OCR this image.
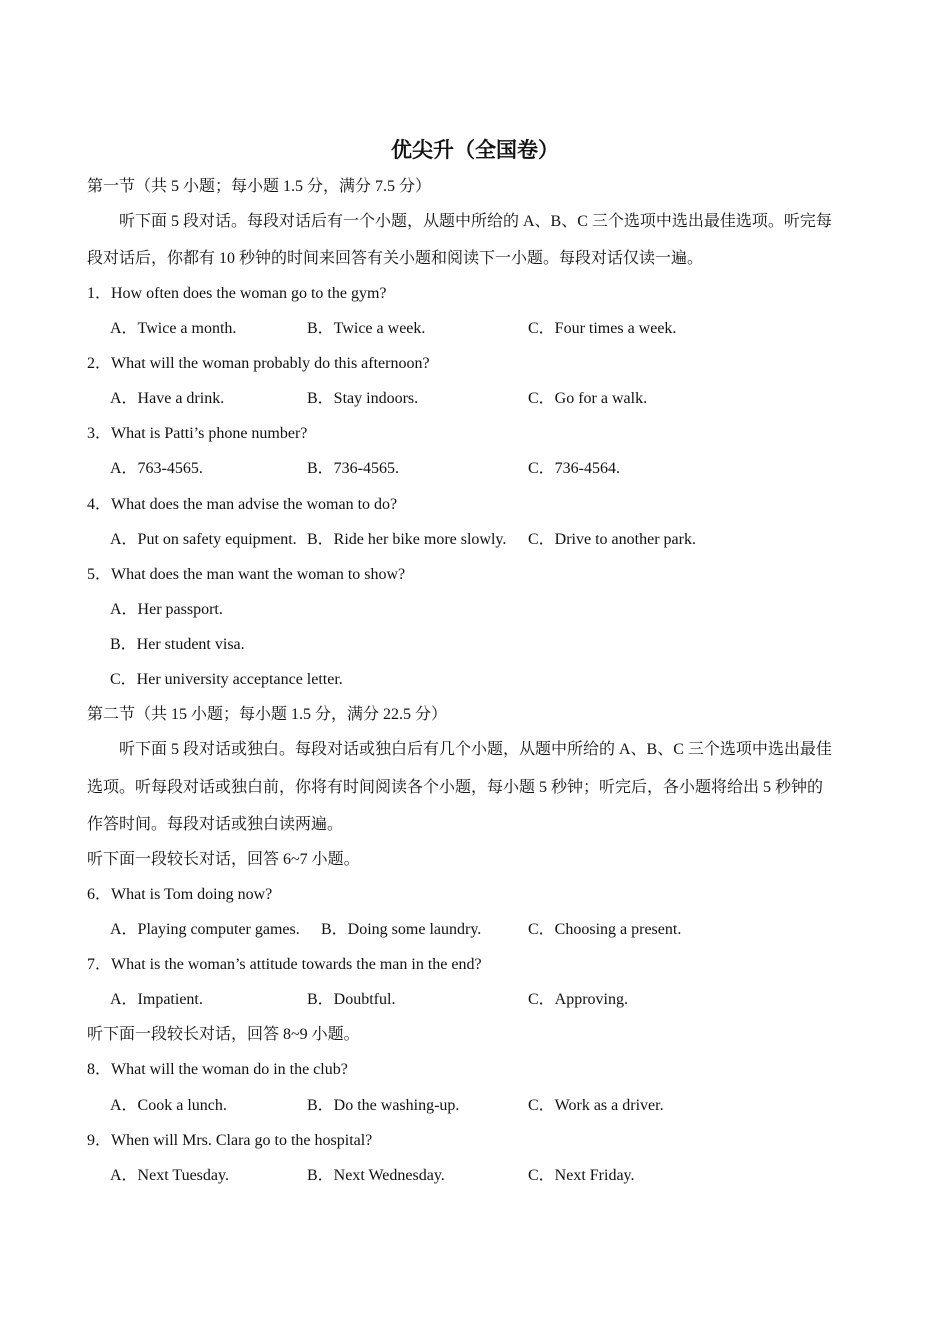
优尖升（全国卷）
第一节（共 5 小题；每小题 1.5 分，满分 7.5 分）
听下面 5 段对话。每段对话后有一个小题，从题中所给的 A、B、C 三个选项中选出最佳选项。听完每
段对话后，你都有 10 秒钟的时间来回答有关小题和阅读下一小题。每段对话仅读一遍。
1．How often does the woman go to the gym?
A．Twice a month.	B．Twice a week.	C．Four times a week.
2．What will the woman probably do this afternoon?
A．Have a drink.	B．Stay indoors.	C．Go for a walk.
3．What is Patti’s phone number?
A．763-4565.	B．736-4565.	C．736-4564.
4．What does the man advise the woman to do?
A．Put on safety equipment. B．Ride her bike more slowly. C．Drive to another park.
5．What does the man want the woman to show?
A．Her passport.
B．Her student visa.
C．Her university acceptance letter.
第二节（共 15 小题；每小题 1.5 分，满分 22.5 分）
听下面 5 段对话或独白。每段对话或独白后有几个小题，从题中所给的 A、B、C 三个选项中选出最佳
选项。听每段对话或独白前，你将有时间阅读各个小题，每小题 5 秒钟；听完后，各小题将给出 5 秒钟的
作答时间。每段对话或独白读两遍。
听下面一段较长对话，回答 6~7 小题。
6．What is Tom doing now?
A．Playing computer games. B．Doing some laundry.	C．Choosing a present.
7．What is the woman’s attitude towards the man in the end?
A．Impatient.	B．Doubtful.	C．Approving.
听下面一段较长对话，回答 8~9 小题。
8．What will the woman do in the club?
A．Cook a lunch.	B．Do the washing-up.	C．Work as a driver.
9．When will Mrs. Clara go to the hospital?
A．Next Tuesday.	B．Next Wednesday.	C．Next Friday.
